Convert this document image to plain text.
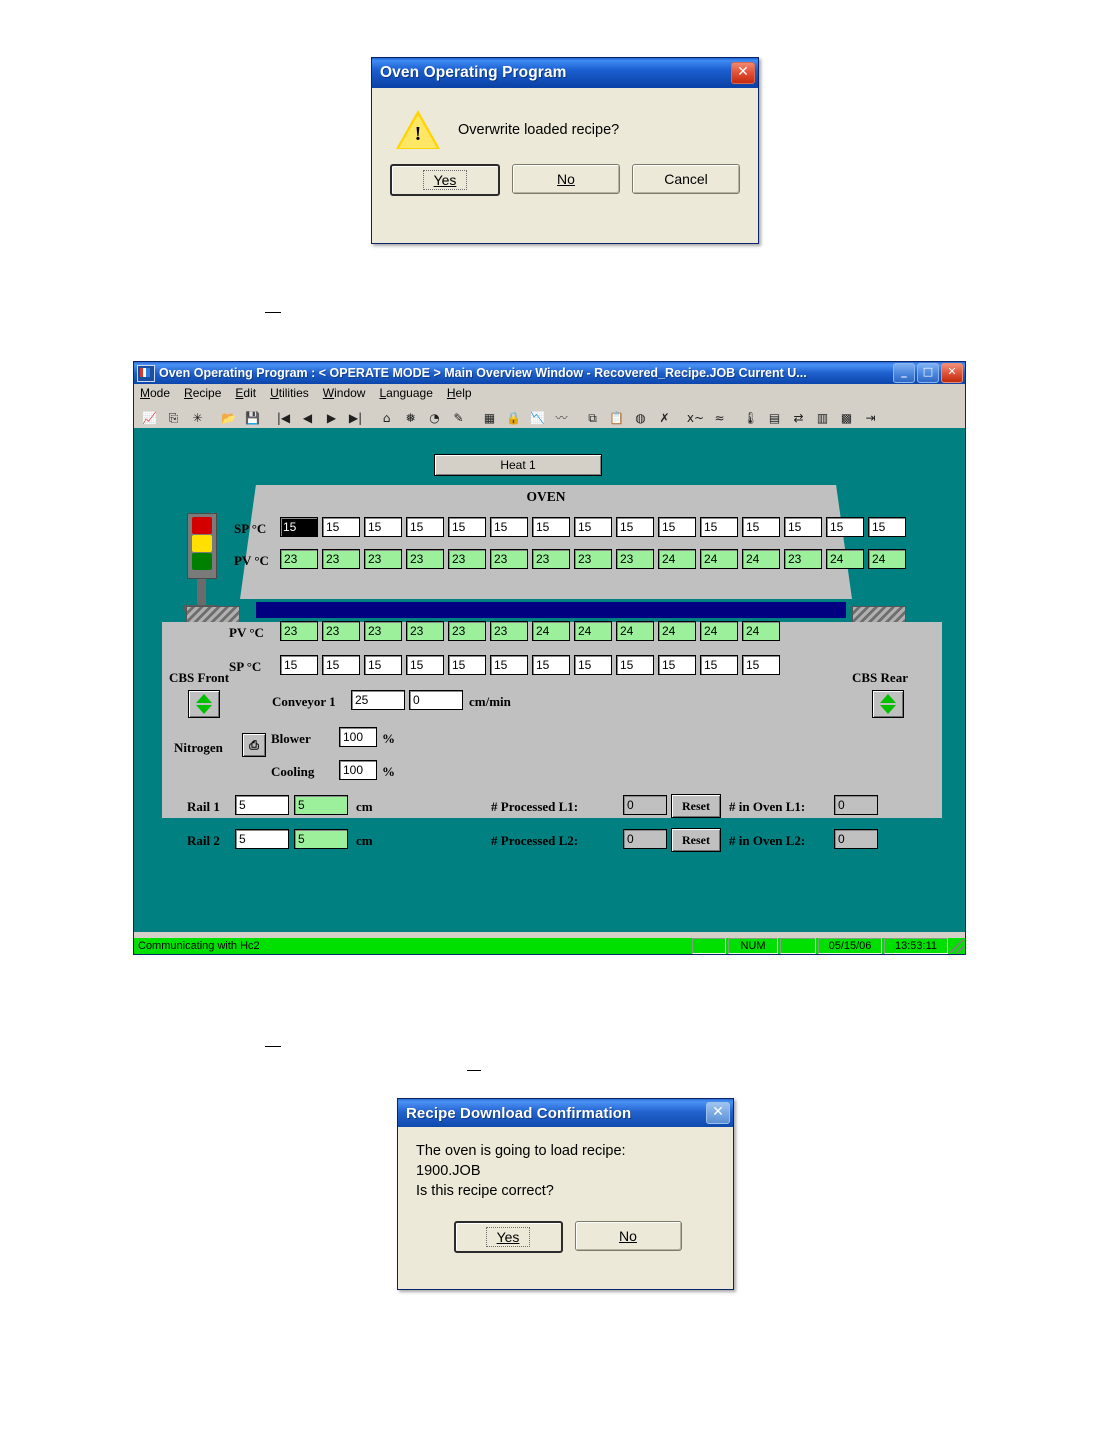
Oven Operating Program	✕
!	Overwrite loaded recipe?
Yes	No	Cancel
Oven Operating Program : < OPERATE MODE > Main Overview Window - Recovered_Recipe.JOB Current U...	_	□	✕
Mode Recipe Edit Utilities Window Language Help
📈 ⎘	✳	📂 💾	|◀	◀	▶	▶|	⌂	❅	◔	✎	▦ 🔒 📉 〰	⧉	📋 ◍	✗	x~ ≈	🌡 ▤	⇄	▥	▩	⇥
Heat 1
OVEN
SP °C 15	15	15	15	15	15	15	15	15	15	15	15	15	15	15
PV °C	23	23	23	23	23	23	23	23	23	24	24	24	23	24	24
PV °C	23	23	23	23	23	23	24	24	24	24	24	24
SP °C	15	15	15	15	15	15	15	15	15	15	15	15
CBS Front	CBS Rear
Conveyor 1	25	0	cm/min
Nitrogen	⎙ Blower	100	%
Cooling	100	%
Rail 1	5	5	cm
Rail 2	5	5	cm
# Processed L1:	0	Reset	# in Oven L1:	0
# Processed L2:	0	Reset	# in Oven L2:	0
Communicating with Hc2	NUM	05/15/06	13:53:11
Recipe Download Confirmation	✕
The oven is going to load recipe:
1900.JOB
Is this recipe correct?
Yes	No
